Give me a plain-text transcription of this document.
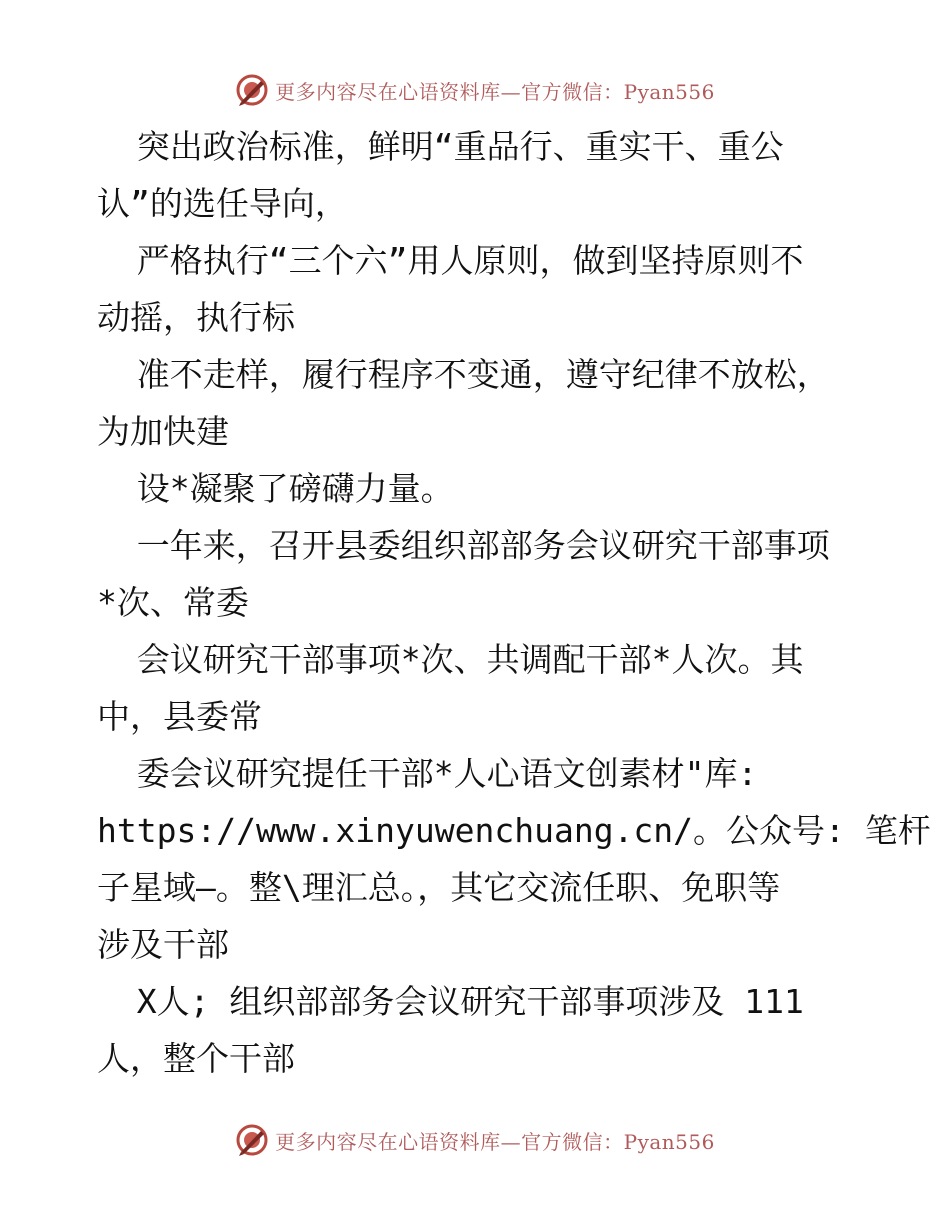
更多内容尽在心语资料库—官方微信：Pyan556
突出政治标准，鲜明“重品行、重实干、重公
认”的选任导向，
严格执行“三个六”用人原则，做到坚持原则不
动摇，执行标
准不走样，履行程序不变通，遵守纪律不放松，
为加快建
设*凝聚了磅礴力量。
一年来，召开县委组织部部务会议研究干部事项
*次、常委
会议研究干部事项*次、共调配干部*人次。其
中，县委常
委会议研究提任干部*人心语文创素材"库:
https://www.xinyuwenchuang.cn/。公众号: 笔杆
子星域—。整\理汇总。，其它交流任职、免职等
涉及干部
X人; 组织部部务会议研究干部事项涉及 111
人，整个干部
更多内容尽在心语资料库—官方微信：Pyan556
